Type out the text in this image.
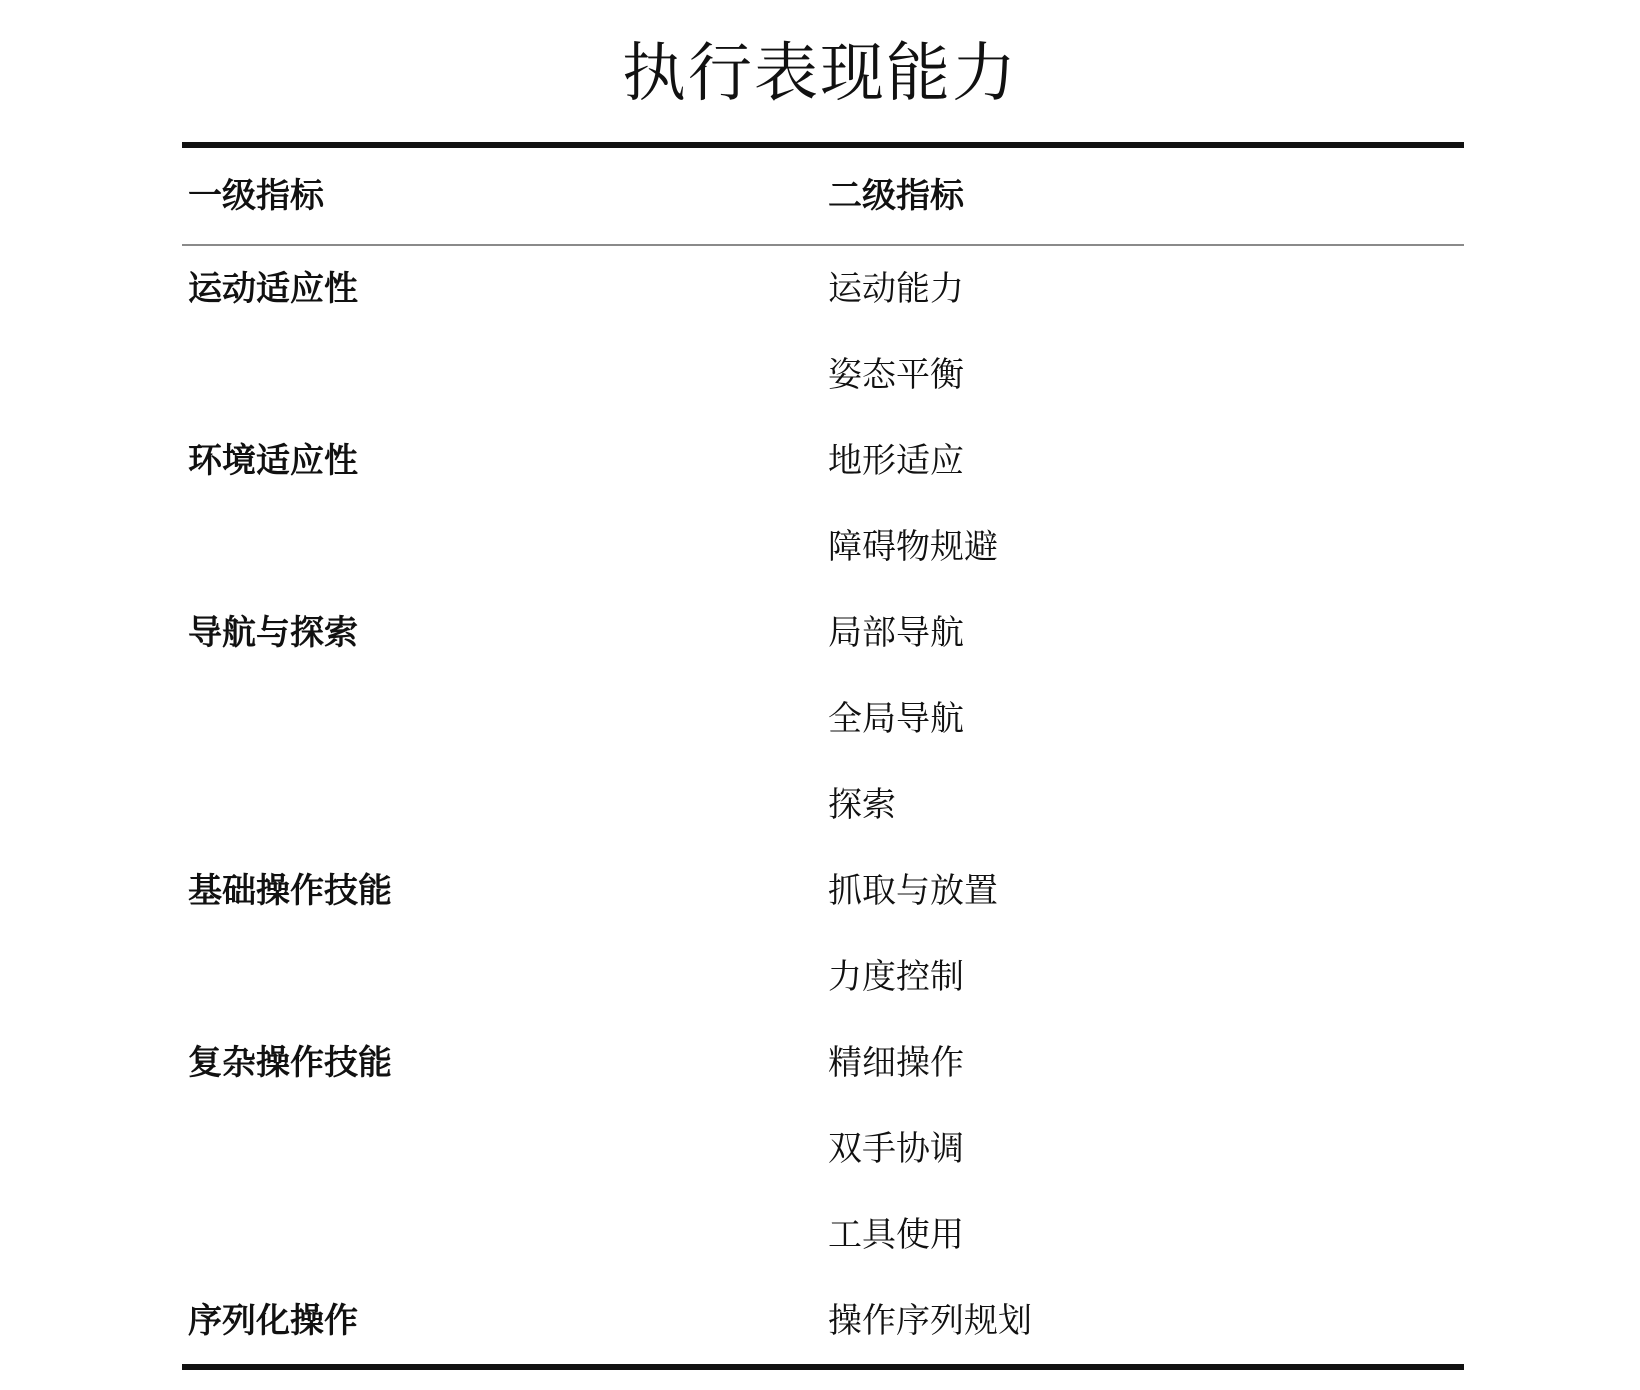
执行表现能力
一级指标	二级指标
运动适应性	运动能力
姿态平衡
环境适应性	地形适应
障碍物规避
导航与探索	局部导航
全局导航
探索
基础操作技能	抓取与放置
力度控制
复杂操作技能	精细操作
双手协调
工具使用
序列化操作	操作序列规划
